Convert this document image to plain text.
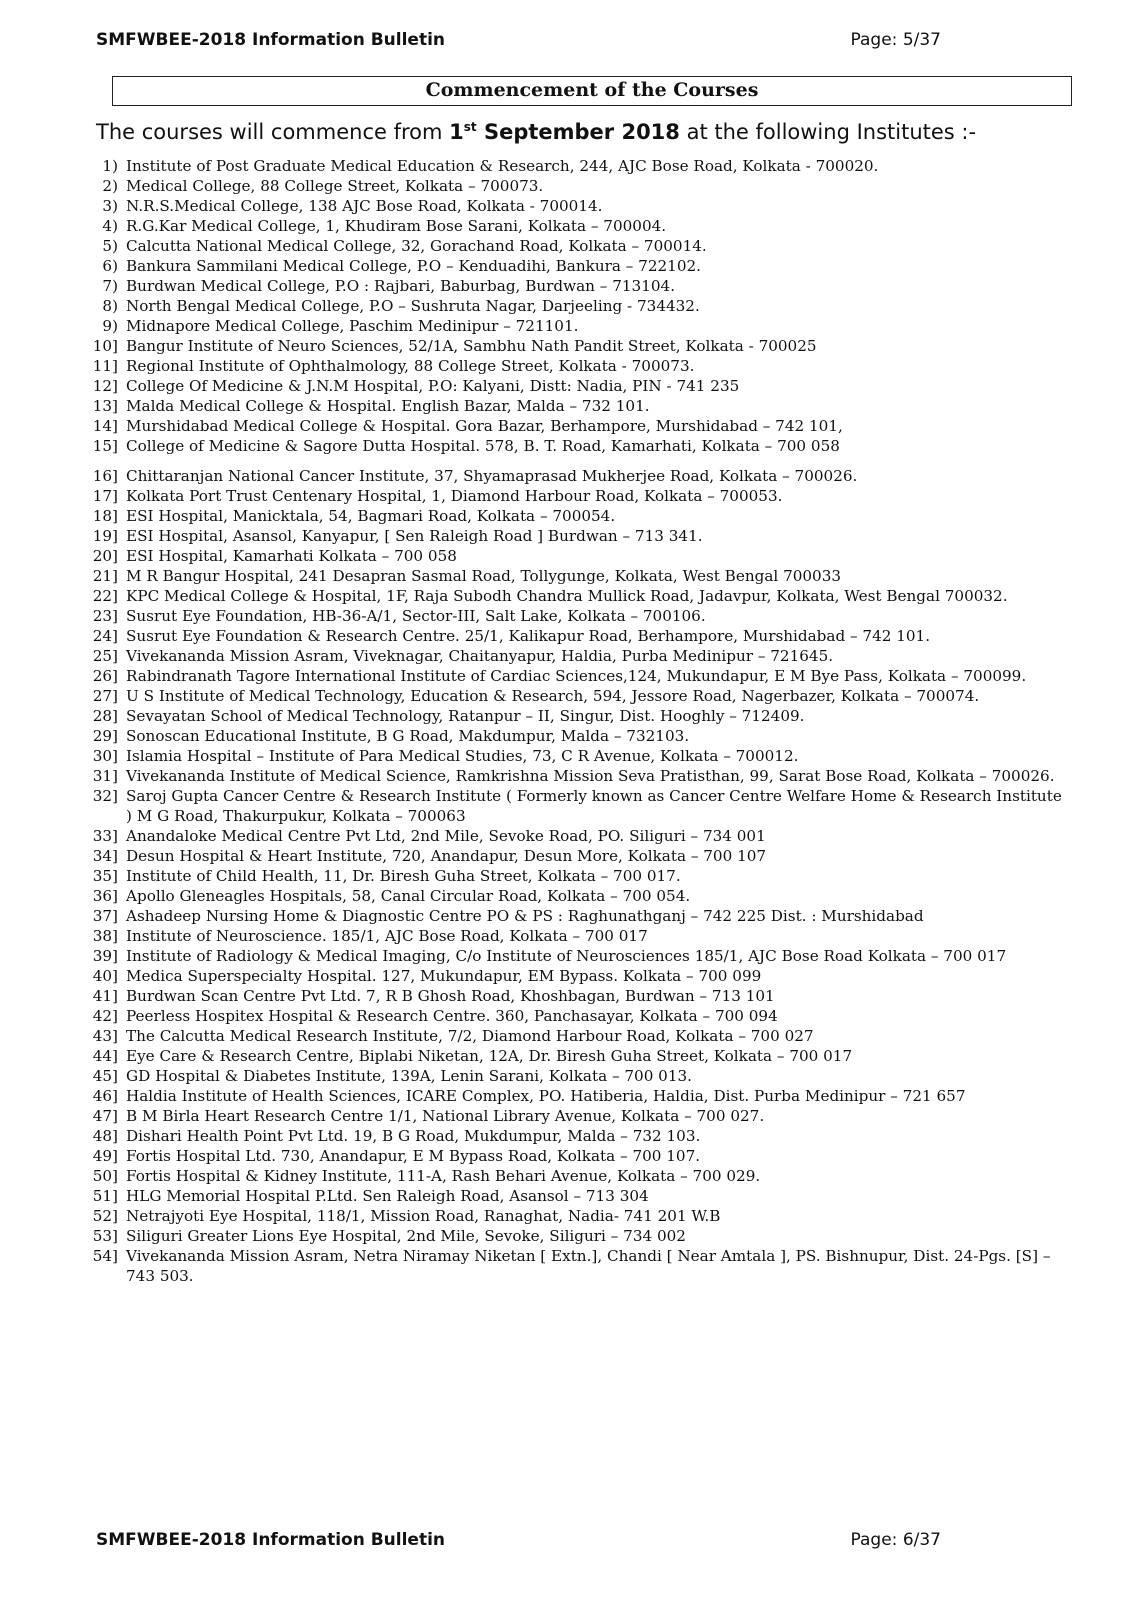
SMFWBEE-2018 Information Bulletin	Page: 5/37
Commencement of the Courses
The courses will commence from 1st September 2018 at the following Institutes :-
1) Institute of Post Graduate Medical Education & Research, 244, AJC Bose Road, Kolkata - 700020.
2) Medical College, 88 College Street, Kolkata – 700073.
3) N.R.S.Medical College, 138 AJC Bose Road, Kolkata - 700014.
4) R.G.Kar Medical College, 1, Khudiram Bose Sarani, Kolkata – 700004.
5) Calcutta National Medical College, 32, Gorachand Road, Kolkata – 700014.
6) Bankura Sammilani Medical College, P.O – Kenduadihi, Bankura – 722102.
7) Burdwan Medical College, P.O : Rajbari, Baburbag, Burdwan – 713104.
8) North Bengal Medical College, P.O – Sushruta Nagar, Darjeeling - 734432.
9) Midnapore Medical College, Paschim Medinipur – 721101.
10] Bangur Institute of Neuro Sciences, 52/1A, Sambhu Nath Pandit Street, Kolkata - 700025
11] Regional Institute of Ophthalmology, 88 College Street, Kolkata - 700073.
12] College Of Medicine & J.N.M Hospital, P.O: Kalyani, Distt: Nadia, PIN - 741 235
13] Malda Medical College & Hospital. English Bazar, Malda – 732 101.
14] Murshidabad Medical College & Hospital. Gora Bazar, Berhampore, Murshidabad – 742 101,
15] College of Medicine & Sagore Dutta Hospital. 578, B. T. Road, Kamarhati, Kolkata – 700 058
16] Chittaranjan National Cancer Institute, 37, Shyamaprasad Mukherjee Road, Kolkata – 700026.
17] Kolkata Port Trust Centenary Hospital, 1, Diamond Harbour Road, Kolkata – 700053.
18] ESI Hospital, Manicktala, 54, Bagmari Road, Kolkata – 700054.
19] ESI Hospital, Asansol, Kanyapur, [ Sen Raleigh Road ] Burdwan – 713 341.
20] ESI Hospital, Kamarhati Kolkata – 700 058
21] M R Bangur Hospital, 241 Desapran Sasmal Road, Tollygunge, Kolkata, West Bengal 700033
22] KPC Medical College & Hospital, 1F, Raja Subodh Chandra Mullick Road, Jadavpur, Kolkata, West Bengal 700032.
23] Susrut Eye Foundation, HB-36-A/1, Sector-III, Salt Lake, Kolkata – 700106.
24] Susrut Eye Foundation & Research Centre. 25/1, Kalikapur Road, Berhampore, Murshidabad – 742 101.
25] Vivekananda Mission Asram, Viveknagar, Chaitanyapur, Haldia, Purba Medinipur – 721645.
26] Rabindranath Tagore International Institute of Cardiac Sciences,124, Mukundapur, E M Bye Pass, Kolkata – 700099.
27] U S Institute of Medical Technology, Education & Research, 594, Jessore Road, Nagerbazer, Kolkata – 700074.
28] Sevayatan School of Medical Technology, Ratanpur – II, Singur, Dist. Hooghly – 712409.
29] Sonoscan Educational Institute, B G Road, Makdumpur, Malda – 732103.
30] Islamia Hospital – Institute of Para Medical Studies, 73, C R Avenue, Kolkata – 700012.
31] Vivekananda Institute of Medical Science, Ramkrishna Mission Seva Pratisthan, 99, Sarat Bose Road, Kolkata – 700026.
32] Saroj Gupta Cancer Centre & Research Institute ( Formerly known as Cancer Centre Welfare Home & Research Institute ) M G Road, Thakurpukur, Kolkata – 700063
33] Anandaloke Medical Centre Pvt Ltd, 2nd Mile, Sevoke Road, PO. Siliguri – 734 001
34] Desun Hospital & Heart Institute, 720, Anandapur, Desun More, Kolkata – 700 107
35] Institute of Child Health, 11, Dr. Biresh Guha Street, Kolkata – 700 017.
36] Apollo Gleneagles Hospitals, 58, Canal Circular Road, Kolkata – 700 054.
37] Ashadeep Nursing Home & Diagnostic Centre PO & PS : Raghunathganj – 742 225 Dist. : Murshidabad
38] Institute of Neuroscience. 185/1, AJC Bose Road, Kolkata – 700 017
39] Institute of Radiology & Medical Imaging, C/o Institute of Neurosciences 185/1, AJC Bose Road Kolkata – 700 017
40] Medica Superspecialty Hospital. 127, Mukundapur, EM Bypass. Kolkata – 700 099
41] Burdwan Scan Centre Pvt Ltd. 7, R B Ghosh Road, Khoshbagan, Burdwan – 713 101
42] Peerless Hospitex Hospital & Research Centre. 360, Panchasayar, Kolkata – 700 094
43] The Calcutta Medical Research Institute, 7/2, Diamond Harbour Road, Kolkata – 700 027
44] Eye Care & Research Centre, Biplabi Niketan, 12A, Dr. Biresh Guha Street, Kolkata – 700 017
45] GD Hospital & Diabetes Institute, 139A, Lenin Sarani, Kolkata – 700 013.
46] Haldia Institute of Health Sciences, ICARE Complex, PO. Hatiberia, Haldia, Dist. Purba Medinipur – 721 657
47] B M Birla Heart Research Centre 1/1, National Library Avenue, Kolkata – 700 027.
48] Dishari Health Point Pvt Ltd. 19, B G Road, Mukdumpur, Malda – 732 103.
49] Fortis Hospital Ltd. 730, Anandapur, E M Bypass Road, Kolkata – 700 107.
50] Fortis Hospital & Kidney Institute, 111-A, Rash Behari Avenue, Kolkata – 700 029.
51] HLG Memorial Hospital P.Ltd. Sen Raleigh Road, Asansol – 713 304
52] Netrajyoti Eye Hospital, 118/1, Mission Road, Ranaghat, Nadia- 741 201 W.B
53] Siliguri Greater Lions Eye Hospital, 2nd Mile, Sevoke, Siliguri – 734 002
54] Vivekananda Mission Asram, Netra Niramay Niketan [ Extn.], Chandi [ Near Amtala ], PS. Bishnupur, Dist. 24-Pgs. [S] – 743 503.
SMFWBEE-2018 Information Bulletin	Page: 6/37
